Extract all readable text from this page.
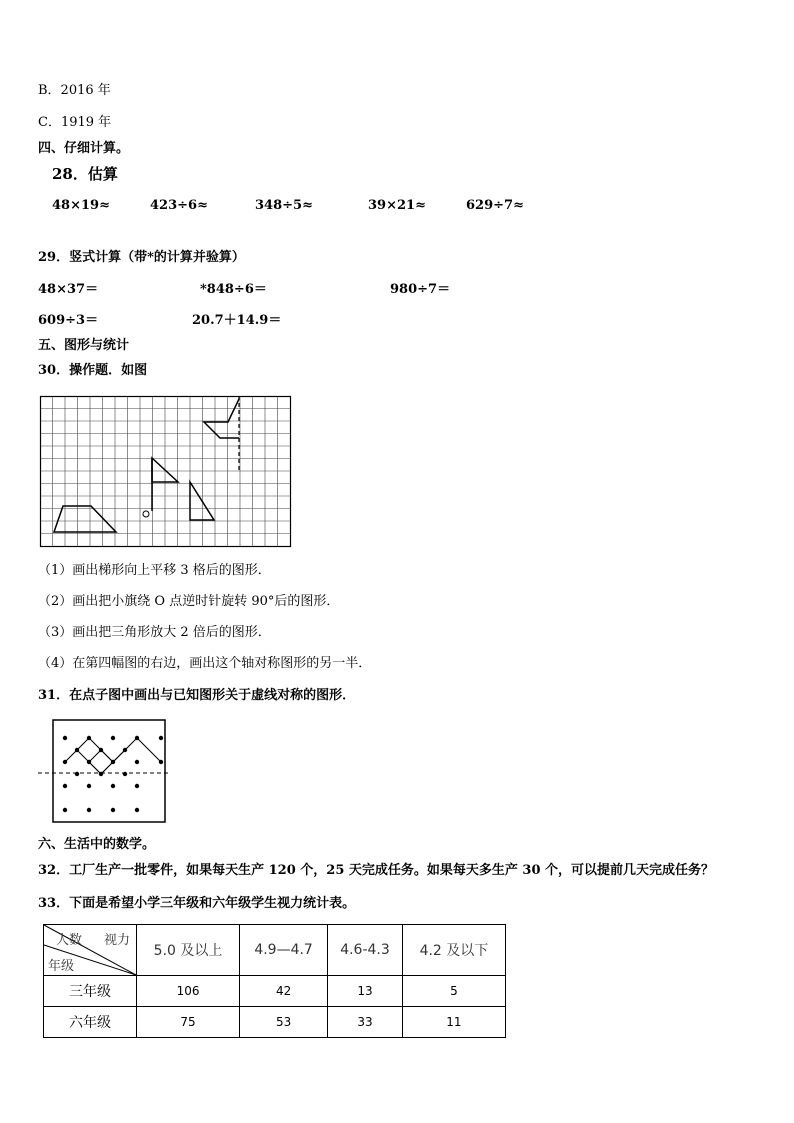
B．2016 年
C．1919 年
四、仔细计算。
28．估算
48×19≈	423÷6≈	348÷5≈	39×21≈	629÷7≈
29．竖式计算（带*的计算并验算）
48×37＝	*848÷6＝	980÷7＝
609÷3＝	20.7＋14.9＝
五、图形与统计
30．操作题．如图
（1）画出梯形向上平移 3 格后的图形．
（2）画出把小旗绕 O 点逆时针旋转 90°后的图形．
（3）画出把三角形放大 2 倍后的图形．
（4）在第四幅图的右边，画出这个轴对称图形的另一半．
31．在点子图中画出与已知图形关于虚线对称的图形．
六、生活中的数学。
32．工厂生产一批零件，如果每天生产 120 个，25 天完成任务。如果每天多生产 30 个，可以提前几天完成任务？
33．下面是希望小学三年级和六年级学生视力统计表。
人数 视力
年级	5.0 及以上	4.9—4.7	4.6-4.3	4.2 及以下
三年级	106	42	13	5
六年级	75	53	33	11
